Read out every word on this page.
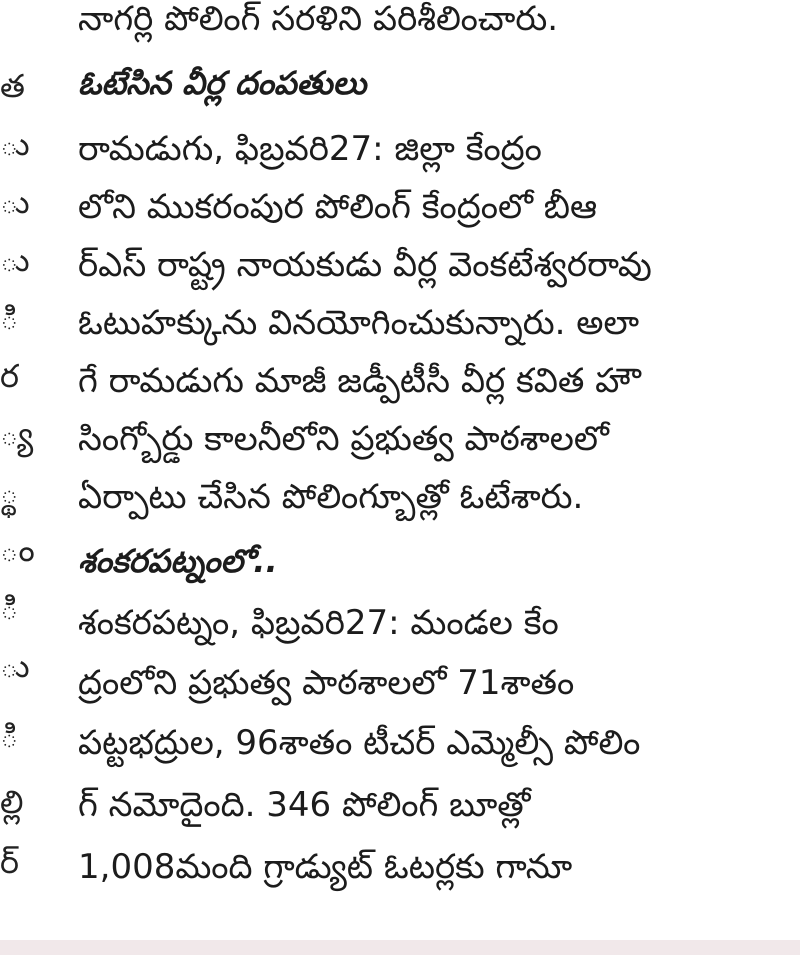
త
ు
ు
ు
ి
ర
్య
్థ
ం
ి
ు
ి
ల్లి
ర్
నాగర్లి పోలింగ్ సరళిని పరిశీలించారు.
ఓటేసిన వీర్ల దంపతులు
రామడుగు, ఫిబ్రవరి27: జిల్లా కేంద్రం
లోని ముకరంపుర పోలింగ్ కేంద్రంలో బీఆ
ర్ఎస్ రాష్ట్ర నాయకుడు వీర్ల వెంకటేశ్వరరావు
ఓటుహక్కును వినయోగించుకున్నారు. అలా
గే రామడుగు మాజీ జడ్పీటీసీ వీర్ల కవిత హౌ
సింగ్బోర్డు కాలనీలోని ప్రభుత్వ పాఠశాలలో
ఏర్పాటు చేసిన పోలింగ్బూత్లో ఓటేశారు.
శంకరపట్నంలో..
శంకరపట్నం, ఫిబ్రవరి27: మండల కేం
ద్రంలోని ప్రభుత్వ పాఠశాలలో 71శాతం
పట్టభద్రుల, 96శాతం టీచర్ ఎమ్మెల్సీ పోలిం
గ్ నమోదైంది. 346 పోలింగ్ బూత్లో
1,008మంది గ్రాడ్యుట్ ఓటర్లకు గానూ
